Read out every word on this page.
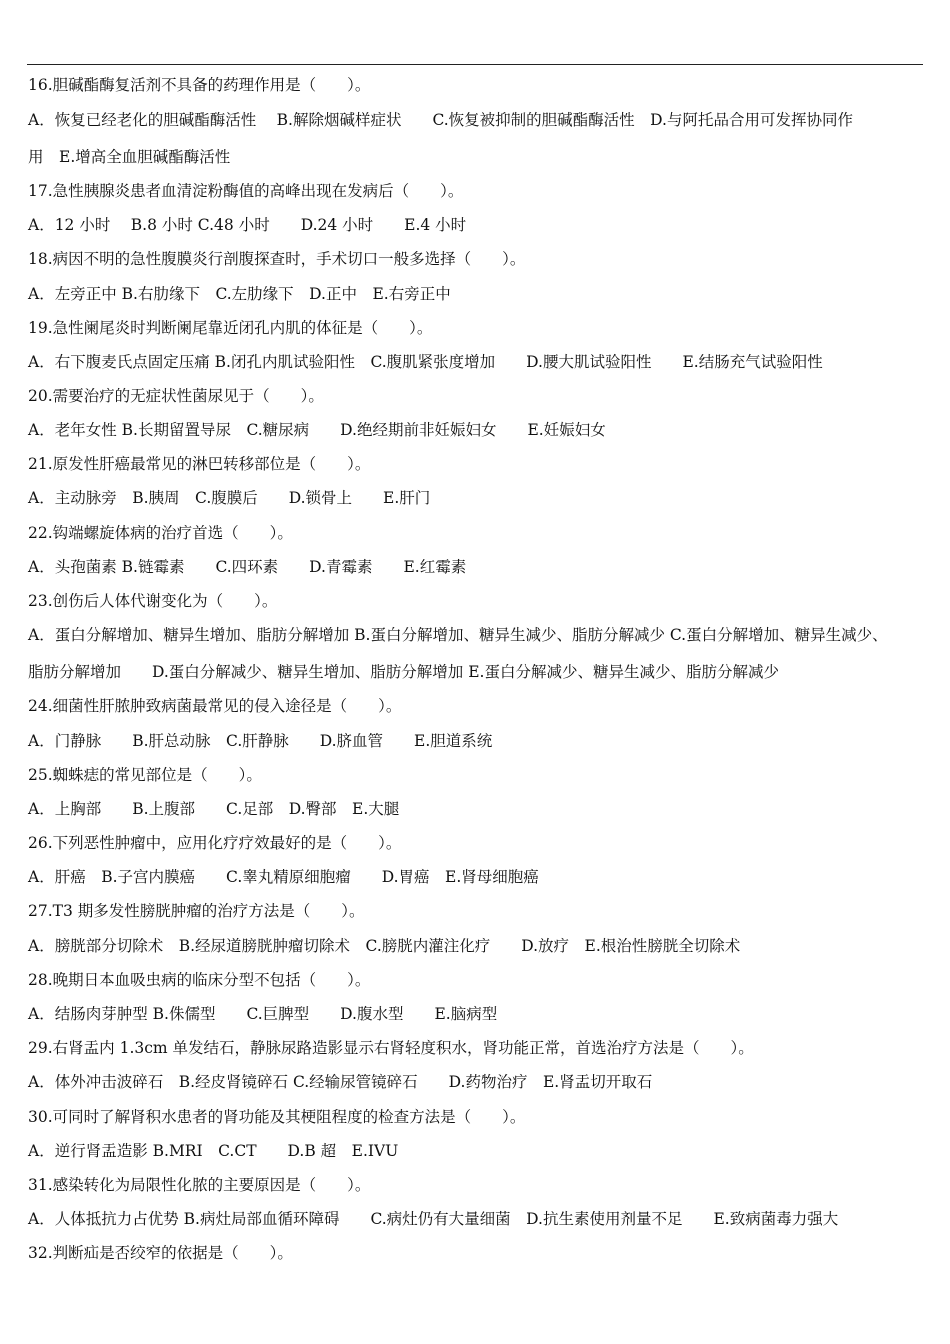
16.胆碱酯酶复活剂不具备的药理作用是（　　）。
A．恢复已经老化的胆碱酯酶活性　 B.解除烟碱样症状　　C.恢复被抑制的胆碱酯酶活性　D.与阿托品合用可发挥协同作
用　E.增高全血胆碱酯酶活性
17.急性胰腺炎患者血清淀粉酶值的高峰出现在发病后（　　）。
A．12 小时　 B.8 小时 C.48 小时　　D.24 小时　　E.4 小时
18.病因不明的急性腹膜炎行剖腹探查时，手术切口一般多选择（　　）。
A．左旁正中 B.右肋缘下　C.左肋缘下　D.正中　E.右旁正中
19.急性阑尾炎时判断阑尾靠近闭孔内肌的体征是（　　）。
A．右下腹麦氏点固定压痛 B.闭孔内肌试验阳性　C.腹肌紧张度增加　　D.腰大肌试验阳性　　E.结肠充气试验阳性
20.需要治疗的无症状性菌尿见于（　　）。
A．老年女性 B.长期留置导尿　C.糖尿病　　D.绝经期前非妊娠妇女　　E.妊娠妇女
21.原发性肝癌最常见的淋巴转移部位是（　　）。
A．主动脉旁　B.胰周　C.腹膜后　　D.锁骨上　　E.肝门
22.钩端螺旋体病的治疗首选（　　）。
A．头孢菌素 B.链霉素　　C.四环素　　D.青霉素　　E.红霉素
23.创伤后人体代谢变化为（　　）。
A．蛋白分解增加、糖异生增加、脂肪分解增加 B.蛋白分解增加、糖异生减少、脂肪分解减少 C.蛋白分解增加、糖异生减少、
脂肪分解增加　　D.蛋白分解减少、糖异生增加、脂肪分解增加 E.蛋白分解减少、糖异生减少、脂肪分解减少
24.细菌性肝脓肿致病菌最常见的侵入途径是（　　）。
A．门静脉　　B.肝总动脉　C.肝静脉　　D.脐血管　　E.胆道系统
25.蜘蛛痣的常见部位是（　　）。
A．上胸部　　B.上腹部　　C.足部　D.臀部　E.大腿
26.下列恶性肿瘤中，应用化疗疗效最好的是（　　）。
A．肝癌　B.子宫内膜癌　　C.睾丸精原细胞瘤　　D.胃癌　E.肾母细胞癌
27.T3 期多发性膀胱肿瘤的治疗方法是（　　）。
A．膀胱部分切除术　B.经尿道膀胱肿瘤切除术　C.膀胱内灌注化疗　　D.放疗　E.根治性膀胱全切除术
28.晚期日本血吸虫病的临床分型不包括（　　）。
A．结肠肉芽肿型 B.侏儒型　　C.巨脾型　　D.腹水型　　E.脑病型
29.右肾盂内 1.3cm 单发结石，静脉尿路造影显示右肾轻度积水，肾功能正常，首选治疗方法是（　　）。
A．体外冲击波碎石　B.经皮肾镜碎石 C.经输尿管镜碎石　　D.药物治疗　E.肾盂切开取石
30.可同时了解肾积水患者的肾功能及其梗阻程度的检查方法是（　　）。
A．逆行肾盂造影 B.MRI　C.CT　　D.B 超　E.IVU
31.感染转化为局限性化脓的主要原因是（　　）。
A．人体抵抗力占优势 B.病灶局部血循环障碍　　C.病灶仍有大量细菌　D.抗生素使用剂量不足　　E.致病菌毒力强大
32.判断疝是否绞窄的依据是（　　）。
